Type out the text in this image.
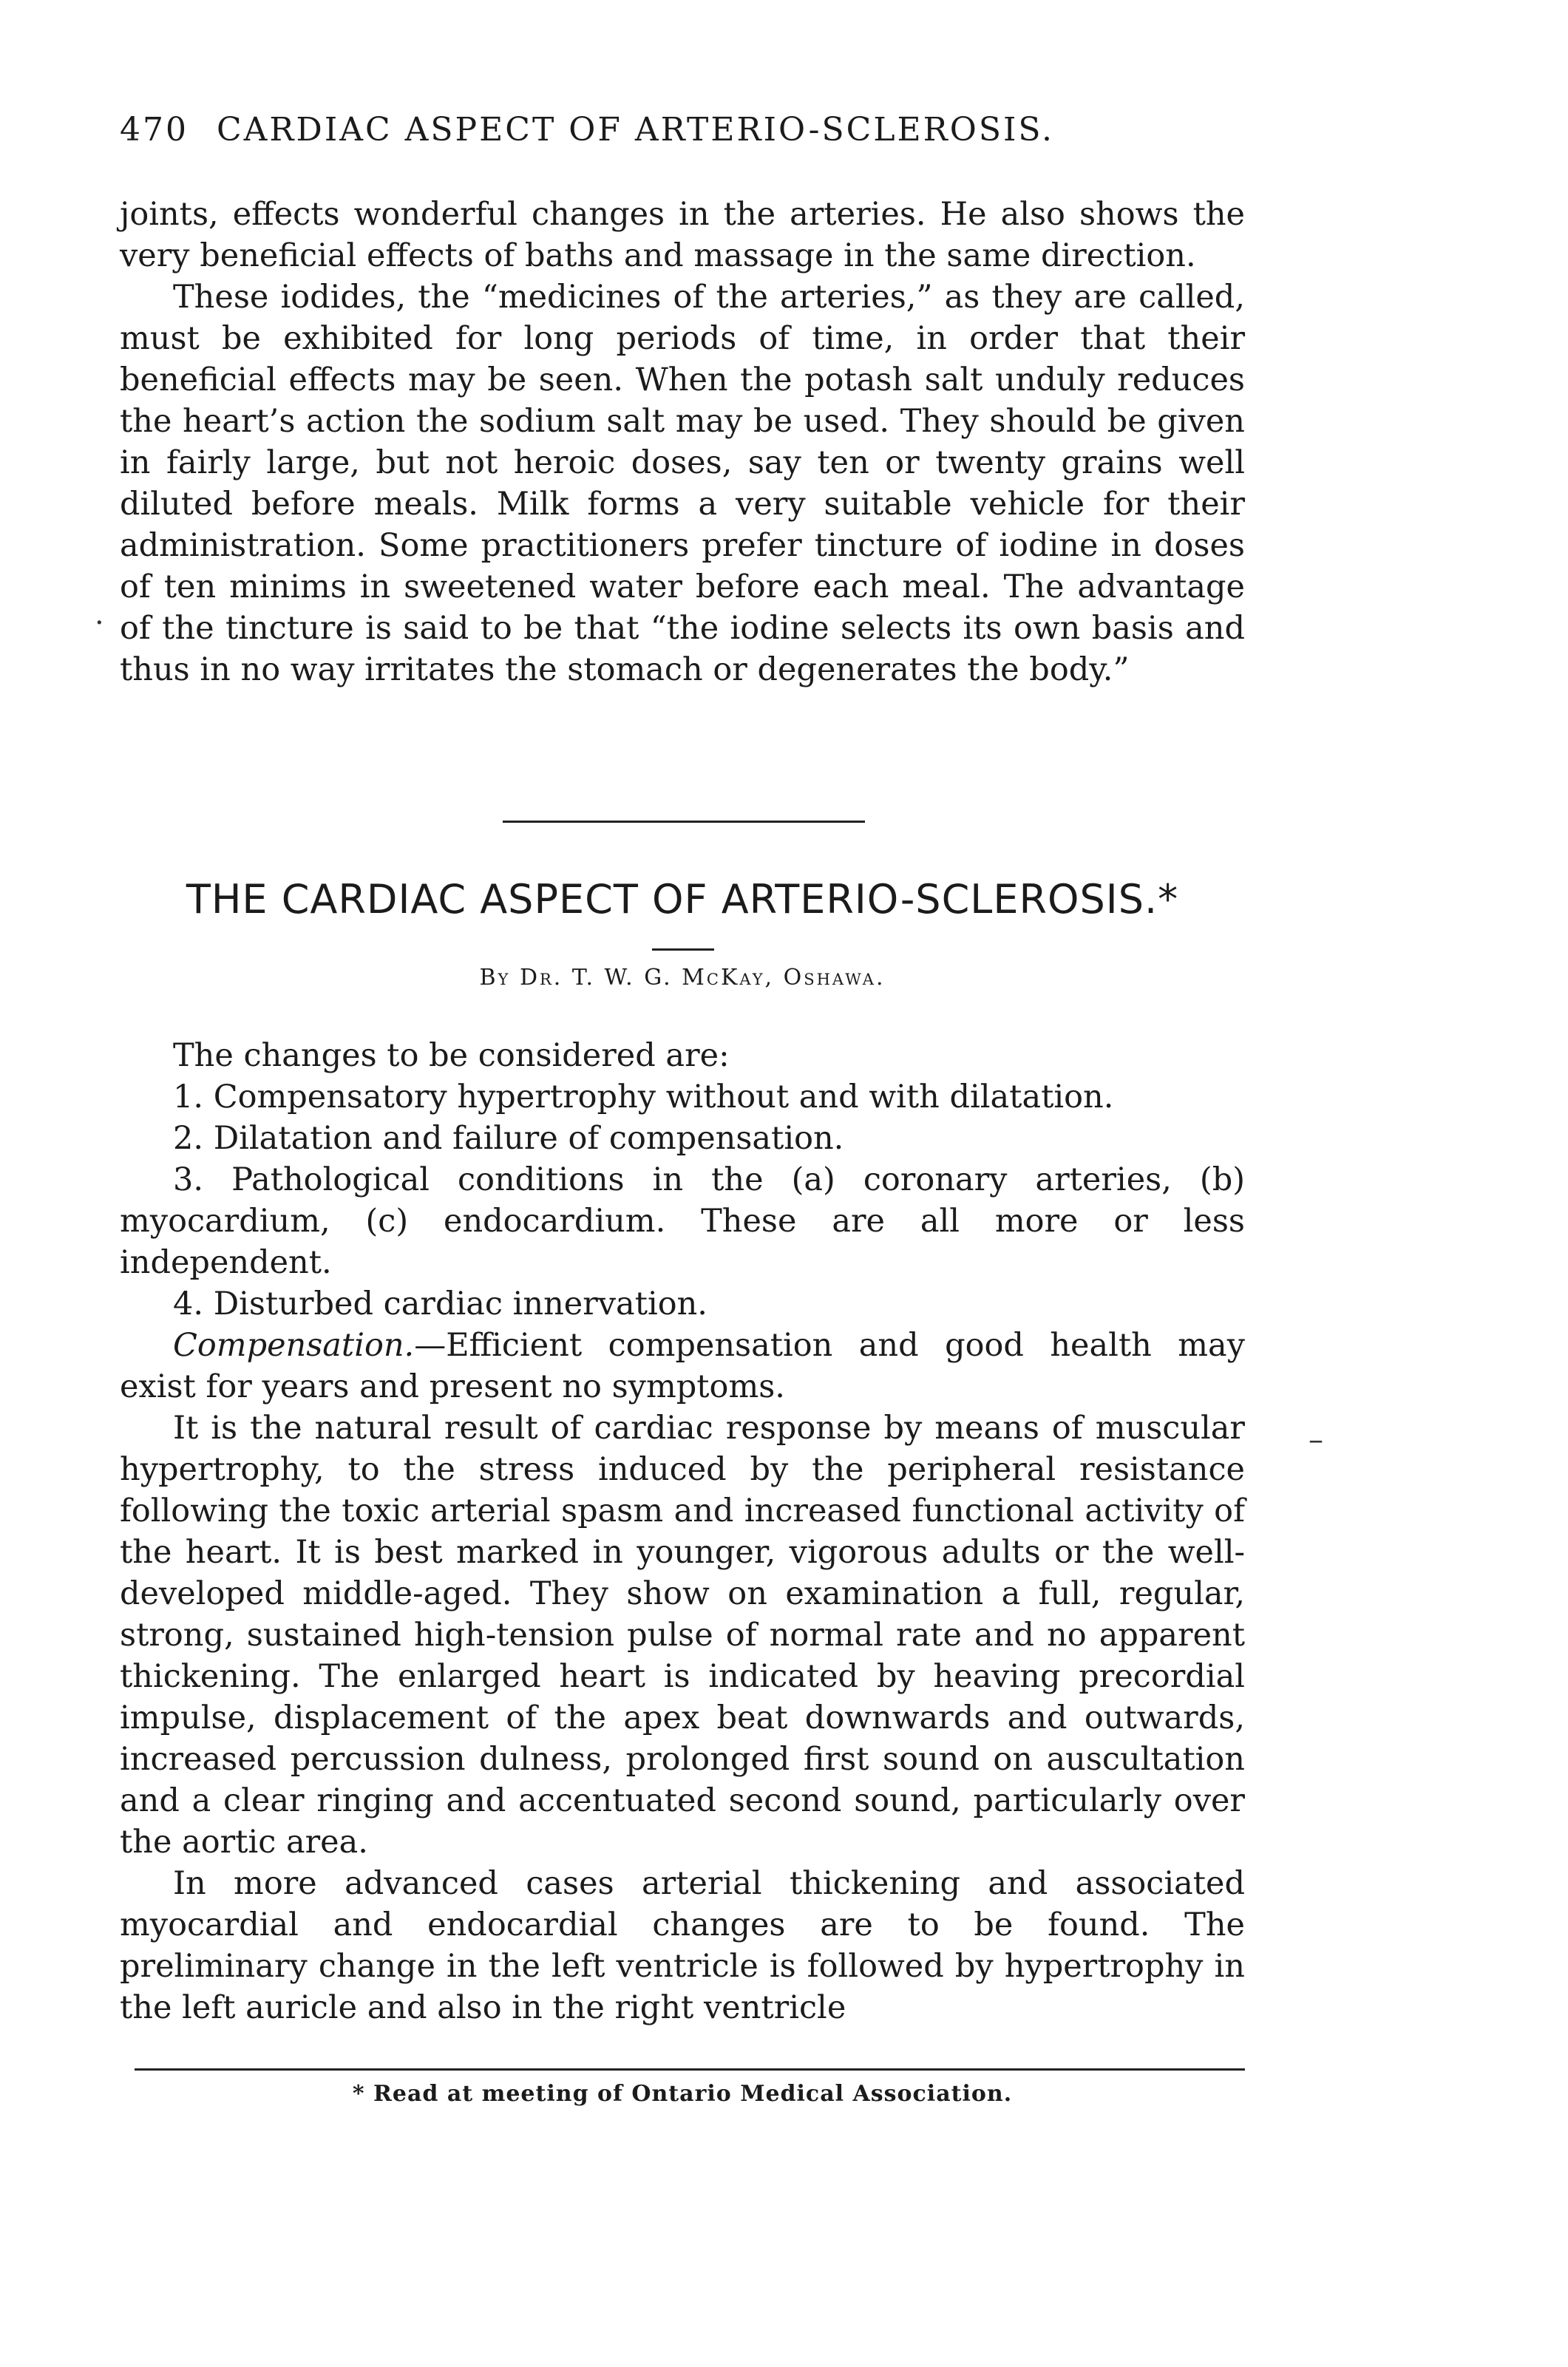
470 CARDIAC ASPECT OF ARTERIO-SCLEROSIS.

joints, effects wonderful changes in the arteries. He also shows the very beneficial effects of baths and massage in the same direction.

These iodides, the “medicines of the arteries,” as they are called, must be exhibited for long periods of time, in order that their beneficial effects may be seen. When the potash salt unduly reduces the heart’s action the sodium salt may be used. They should be given in fairly large, but not heroic doses, say ten or twenty grains well diluted before meals. Milk forms a very suitable vehicle for their administration. Some practitioners prefer tincture of iodine in doses of ten minims in sweetened water before each meal. The advantage of the tincture is said to be that “the iodine selects its own basis and thus in no way irritates the stomach or degenerates the body.”

THE CARDIAC ASPECT OF ARTERIO-SCLEROSIS.*
By Dr. T. W. G. McKay, Oshawa.

The changes to be considered are:

1. Compensatory hypertrophy without and with dilatation.

2. Dilatation and failure of compensation.

3. Pathological conditions in the (a) coronary arteries, (b) myocardium, (c) endocardium. These are all more or less independent.

4. Disturbed cardiac innervation.

Compensation.—Efficient compensation and good health may exist for years and present no symptoms.

It is the natural result of cardiac response by means of muscular hypertrophy, to the stress induced by the peripheral resistance following the toxic arterial spasm and increased functional activity of the heart. It is best marked in younger, vigorous adults or the well-developed middle-aged. They show on examination a full, regular, strong, sustained high-tension pulse of normal rate and no apparent thickening. The enlarged heart is indicated by heaving precordial impulse, displacement of the apex beat downwards and outwards, increased percussion dulness, prolonged first sound on auscultation and a clear ringing and accentuated second sound, particularly over the aortic area.

In more advanced cases arterial thickening and associated myocardial and endocardial changes are to be found. The preliminary change in the left ventricle is followed by hypertrophy in the left auricle and also in the right ventricle

* Read at meeting of Ontario Medical Association.
·
–
